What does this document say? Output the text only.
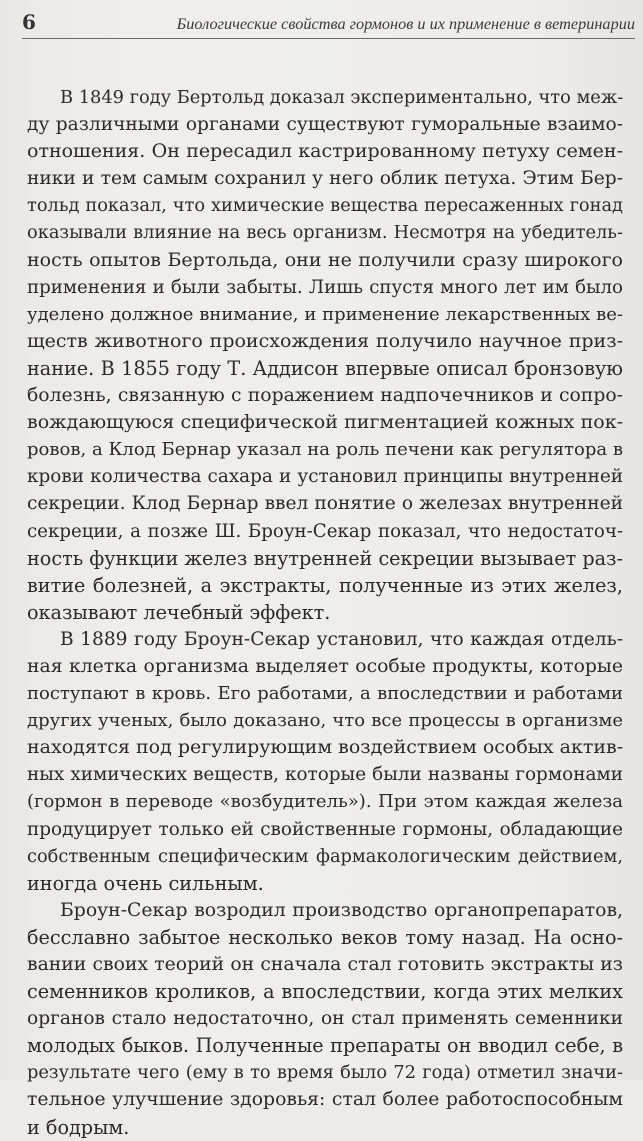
6	Биологические свойства гормонов и их применение в ветеринарии
В 1849 году Бертольд доказал экспериментально, что меж-
ду различными органами существуют гуморальные взаимо-
отношения. Он пересадил кастрированному петуху семен-
ники и тем самым сохранил у него облик петуха. Этим Бер-
тольд показал, что химические вещества пересаженных гонад
оказывали влияние на весь организм. Несмотря на убедитель-
ность опытов Бертольда, они не получили сразу широкого
применения и были забыты. Лишь спустя много лет им было
уделено должное внимание, и применение лекарственных ве-
ществ животного происхождения получило научное приз-
нание. В 1855 году Т. Аддисон впервые описал бронзовую
болезнь, связанную с поражением надпочечников и сопро-
вождающуюся специфической пигментацией кожных пок-
ровов, а Клод Бернар указал на роль печени как регулятора в
крови количества сахара и установил принципы внутренней
секреции. Клод Бернар ввел понятие о железах внутренней
секреции, а позже Ш. Броун-Секар показал, что недостаточ-
ность функции желез внутренней секреции вызывает раз-
витие болезней, а экстракты, полученные из этих желез,
оказывают лечебный эффект.
В 1889 году Броун-Секар установил, что каждая отдель-
ная клетка организма выделяет особые продукты, которые
поступают в кровь. Его работами, а впоследствии и работами
других ученых, было доказано, что все процессы в организме
находятся под регулирующим воздействием особых актив-
ных химических веществ, которые были названы гормонами
(гормон в переводе «возбудитель»). При этом каждая железа
продуцирует только ей свойственные гормоны, обладающие
собственным специфическим фармакологическим действием,
иногда очень сильным.
Броун-Секар возродил производство органопрепаратов,
бесславно забытое несколько веков тому назад. На осно-
вании своих теорий он сначала стал готовить экстракты из
семенников кроликов, а впоследствии, когда этих мелких
органов стало недостаточно, он стал применять семенники
молодых быков. Полученные препараты он вводил себе, в
результате чего (ему в то время было 72 года) отметил значи-
тельное улучшение здоровья: стал более работоспособным
и бодрым.
